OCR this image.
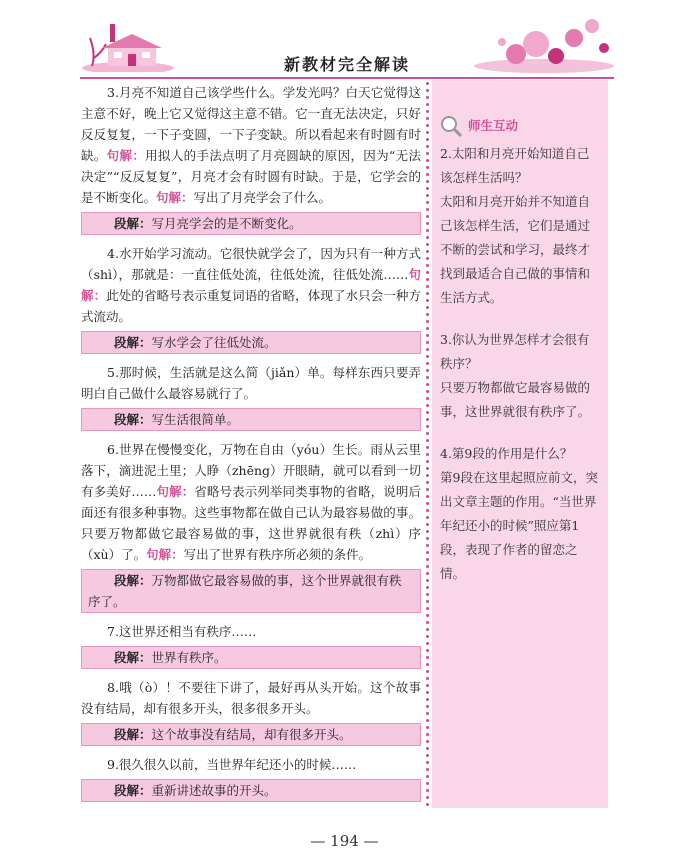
新教材完全解读

3.月亮不知道自己该学些什么。学发光吗？白天它觉得这主意不好，晚上它又觉得这主意不错。它一直无法决定，只好反反复复，一下子变圆，一下子变缺。所以看起来有时圆有时缺。句解：用拟人的手法点明了月亮圆缺的原因，因为“无法决定”“反反复复”，月亮才会有时圆有时缺。于是，它学会的是不断变化。句解：写出了月亮学会了什么。

段解：写月亮学会的是不断变化。

4.水开始学习流动。它很快就学会了，因为只有一种方式（shì），那就是：一直往低处流，往低处流，往低处流……句解：此处的省略号表示重复词语的省略，体现了水只会一种方式流动。

段解：写水学会了往低处流。

5.那时候，生活就是这么简（jiǎn）单。每样东西只要弄明白自己做什么最容易就行了。

段解：写生活很简单。

6.世界在慢慢变化，万物在自由（yóu）生长。雨从云里落下，滴进泥土里；人睁（zhēng）开眼睛，就可以看到一切有多美好……句解：省略号表示列举同类事物的省略，说明后面还有很多种事物。这些事物都在做自己认为最容易做的事。只要万物都做它最容易做的事，这世界就很有秩（zhì）序（xù）了。句解：写出了世界有秩序所必须的条件。

段解：万物都做它最容易做的事，这个世界就很有秩序了。

7.这世界还相当有秩序……

段解：世界有秩序。

8.哦（ò）！不要往下讲了，最好再从头开始。这个故事没有结局，却有很多开头，很多很多开头。

段解：这个故事没有结局，却有很多开头。

9.很久很久以前，当世界年纪还小的时候……

段解：重新讲述故事的开头。
师生互动

2.太阳和月亮开始知道自己该怎样生活吗？

太阳和月亮开始并不知道自己该怎样生活，它们是通过不断的尝试和学习，最终才找到最适合自己做的事情和生活方式。

3.你认为世界怎样才会很有秩序？

只要万物都做它最容易做的事，这世界就很有秩序了。

4.第9段的作用是什么？

第9段在这里起照应前文，突出文章主题的作用。“当世界年纪还小的时候”照应第1段，表现了作者的留恋之情。

— 194 —
